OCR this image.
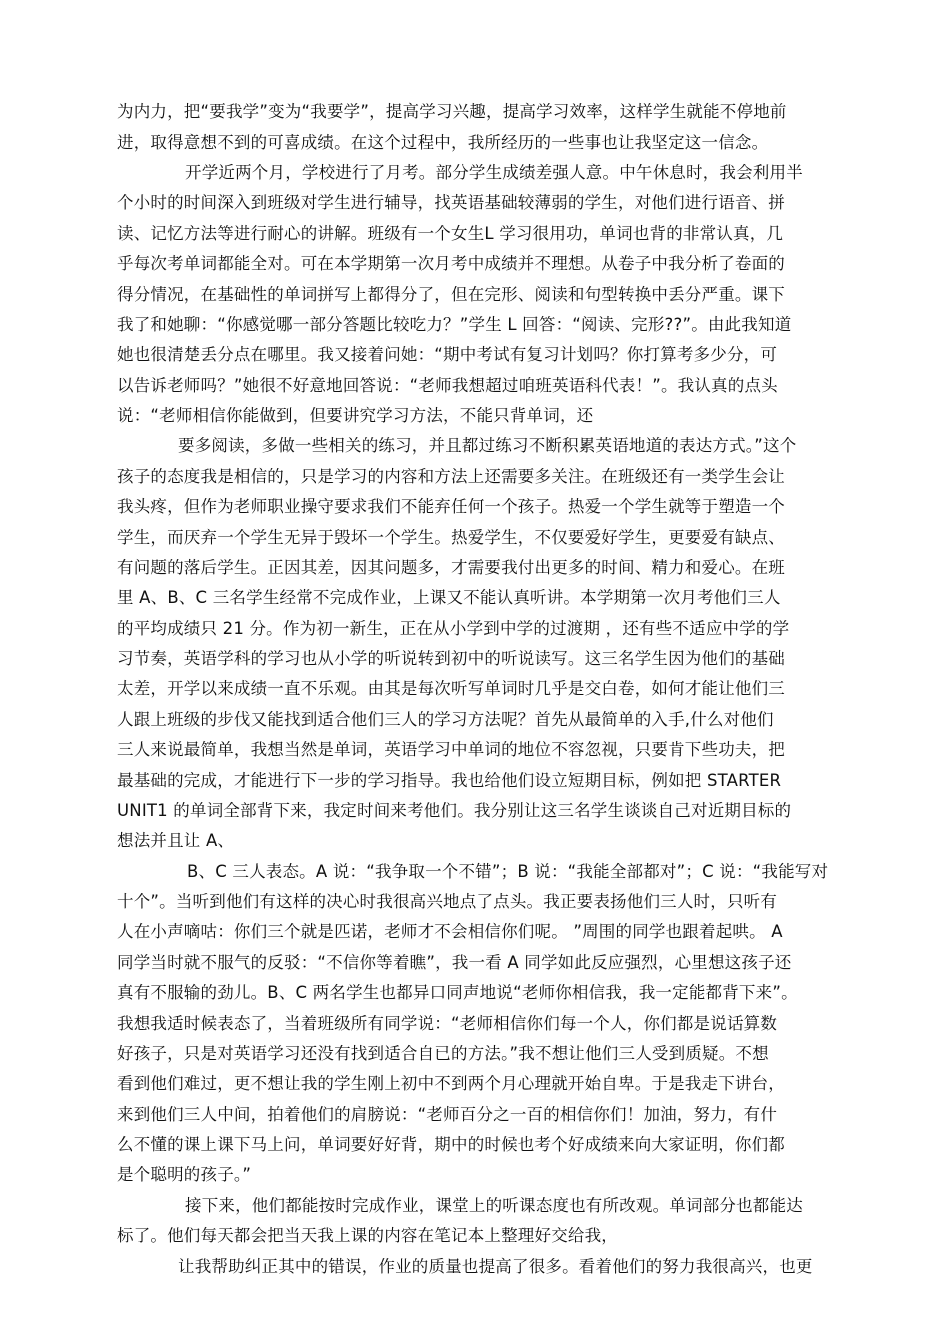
为内力，把“要我学”变为“我要学”，提高学习兴趣，提高学习效率，这样学生就能不停地前
进，取得意想不到的可喜成绩。在这个过程中，我所经历的一些事也让我坚定这一信念。
开学近两个月，学校进行了月考。部分学生成绩差强人意。中午休息时，我会利用半
个小时的时间深入到班级对学生进行辅导，找英语基础较薄弱的学生，对他们进行语音、拼
读、记忆方法等进行耐心的讲解。班级有一个女生L 学习很用功，单词也背的非常认真，几
乎每次考单词都能全对。可在本学期第一次月考中成绩并不理想。从卷子中我分析了卷面的
得分情况，在基础性的单词拼写上都得分了，但在完形、阅读和句型转换中丢分严重。课下
我了和她聊：“你感觉哪一部分答题比较吃力？”学生 L 回答：“阅读、完形??”。由此我知道
她也很清楚丢分点在哪里。我又接着问她：“期中考试有复习计划吗？你打算考多少分，可
以告诉老师吗？”她很不好意地回答说：“老师我想超过咱班英语科代表！”。我认真的点头
说：“老师相信你能做到，但要讲究学习方法，不能只背单词，还
要多阅读，多做一些相关的练习，并且都过练习不断积累英语地道的表达方式。”这个
孩子的态度我是相信的，只是学习的内容和方法上还需要多关注。在班级还有一类学生会让
我头疼，但作为老师职业操守要求我们不能弃任何一个孩子。热爱一个学生就等于塑造一个
学生，而厌弃一个学生无异于毁坏一个学生。热爱学生，不仅要爱好学生，更要爱有缺点、
有问题的落后学生。正因其差，因其问题多，才需要我付出更多的时间、精力和爱心。在班
里 A、B、C 三名学生经常不完成作业，上课又不能认真听讲。本学期第一次月考他们三人
的平均成绩只 21 分。作为初一新生，正在从小学到中学的过渡期 ，还有些不适应中学的学
习节奏，英语学科的学习也从小学的听说转到初中的听说读写。这三名学生因为他们的基础
太差，开学以来成绩一直不乐观。由其是每次听写单词时几乎是交白卷，如何才能让他们三
人跟上班级的步伐又能找到适合他们三人的学习方法呢？首先从最简单的入手,什么对他们
三人来说最简单，我想当然是单词，英语学习中单词的地位不容忽视，只要肯下些功夫，把
最基础的完成，才能进行下一步的学习指导。我也给他们设立短期目标，例如把 STARTER
UNIT1 的单词全部背下来，我定时间来考他们。我分别让这三名学生谈谈自己对近期目标的
想法并且让 A、
B、C 三人表态。A 说：“我争取一个不错”；B 说：“我能全部都对”；C 说：“我能写对
十个”。当听到他们有这样的决心时我很高兴地点了点头。我正要表扬他们三人时，只听有
人在小声嘀咕：你们三个就是匹诺，老师才不会相信你们呢。 ”周围的同学也跟着起哄。 A
同学当时就不服气的反驳：“不信你等着瞧”，我一看 A 同学如此反应强烈，心里想这孩子还
真有不服输的劲儿。B、C 两名学生也都异口同声地说“老师你相信我，我一定能都背下来”。
我想我适时候表态了，当着班级所有同学说：“老师相信你们每一个人，你们都是说话算数
好孩子，只是对英语学习还没有找到适合自已的方法。”我不想让他们三人受到质疑。不想
看到他们难过，更不想让我的学生刚上初中不到两个月心理就开始自卑。于是我走下讲台，
来到他们三人中间，拍着他们的肩膀说：“老师百分之一百的相信你们！加油，努力，有什
么不懂的课上课下马上问，单词要好好背，期中的时候也考个好成绩来向大家证明，你们都
是个聪明的孩子。”
接下来，他们都能按时完成作业，课堂上的听课态度也有所改观。单词部分也都能达
标了。他们每天都会把当天我上课的内容在笔记本上整理好交给我，
让我帮助纠正其中的错误，作业的质量也提高了很多。看着他们的努力我很高兴，也更
